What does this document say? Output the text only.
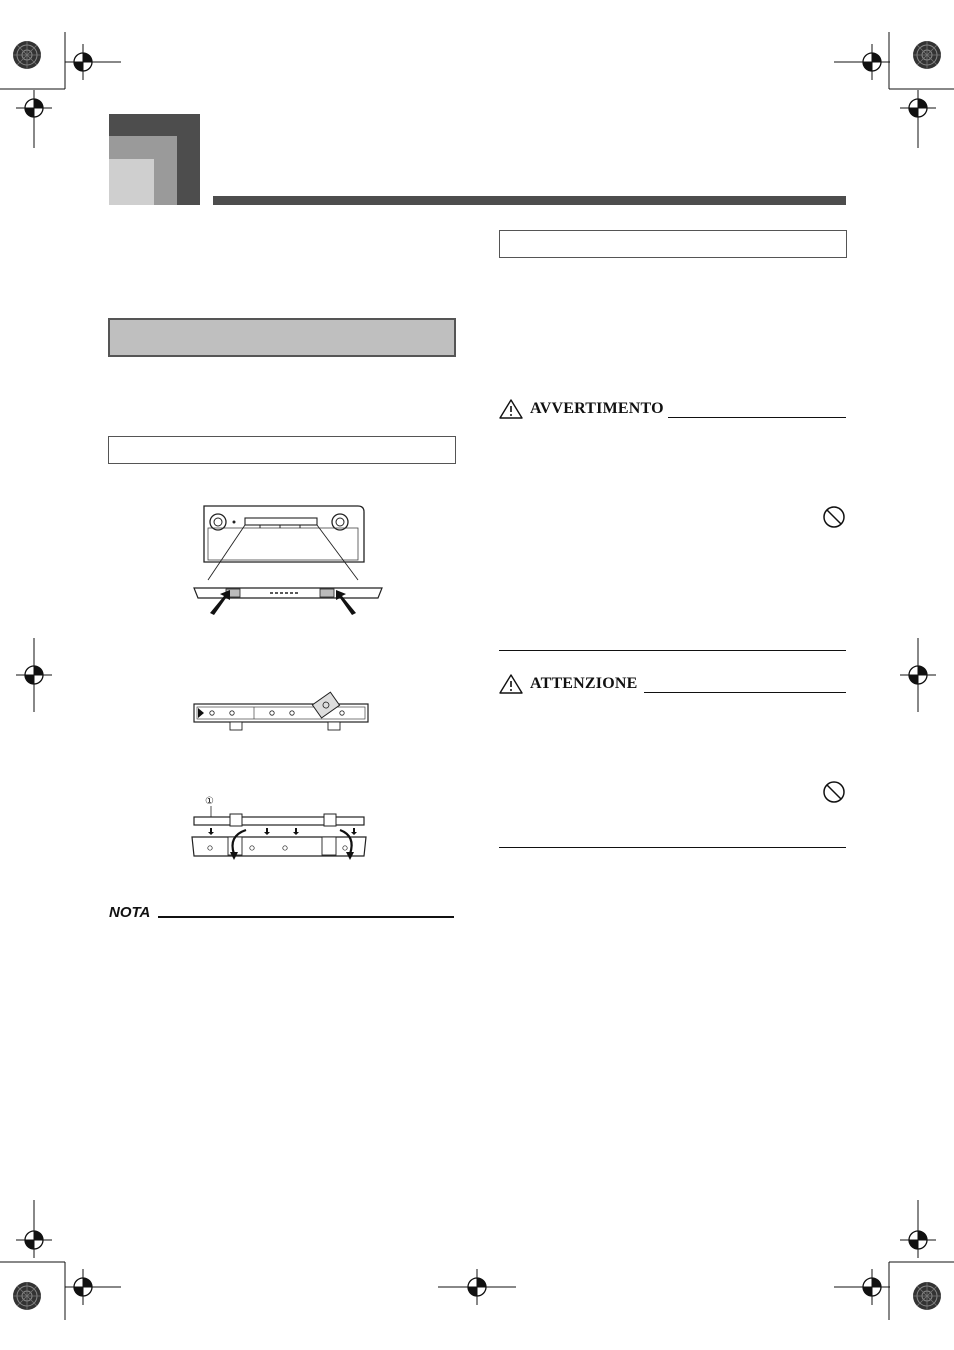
①
NOTA
AVVERTIMENTO
ATTENZIONE
